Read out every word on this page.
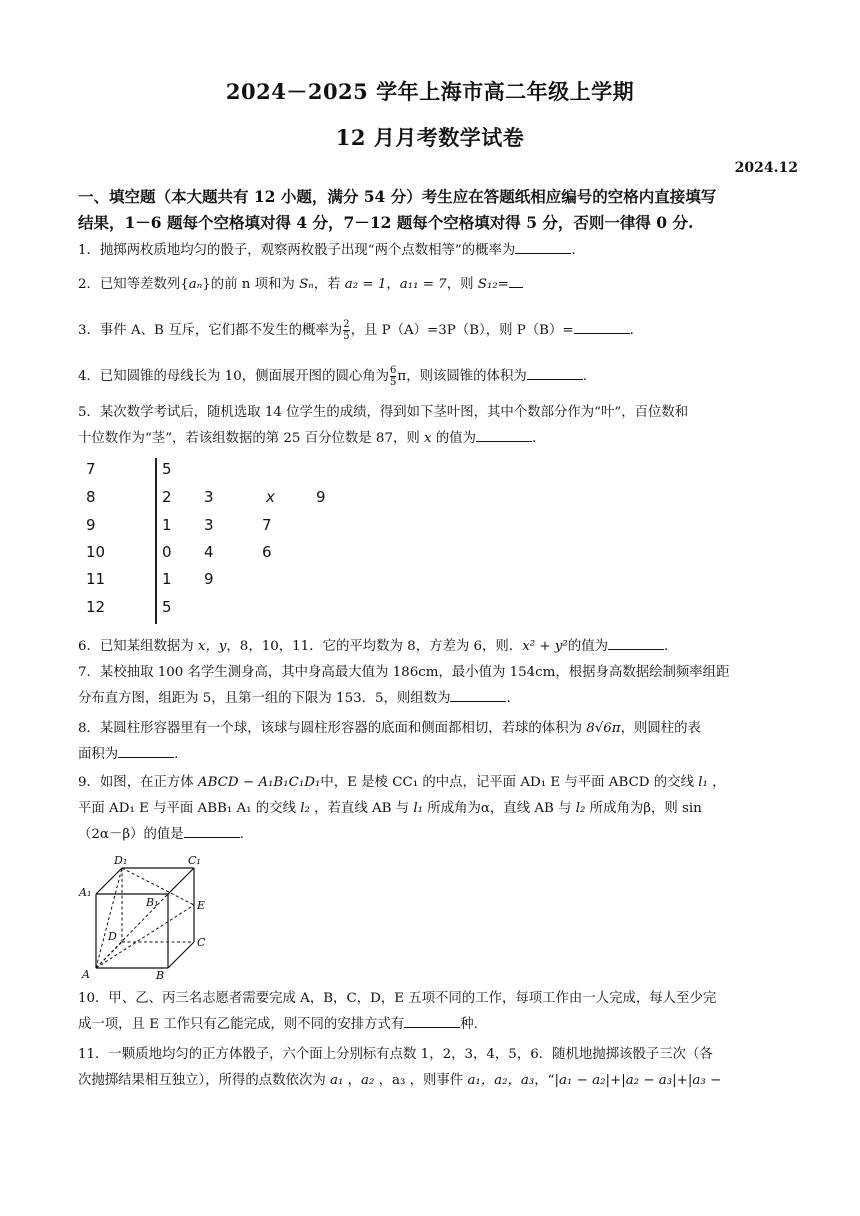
2024－2025 学年上海市高二年级上学期
12 月月考数学试卷
2024.12
一、填空题（本大题共有 12 小题，满分 54 分）考生应在答题纸相应编号的空格内直接填写
结果，1－6 题每个空格填对得 4 分，7－12 题每个空格填对得 5 分，否则一律得 0 分.
1．抛掷两枚质地均匀的骰子，观察两枚骰子出现“两个点数相等”的概率为	.
2．已知等差数列{aₙ}的前 n 项和为 Sₙ，若 a₂ = 1，a₁₁ = 7，则 S₁₂=
3．事件 A、B 互斥，它们都不发生的概率为 $\frac{2}{5}$ ，且 P（A）=3P（B），则 P（B）=	.
4．已知圆锥的母线长为 10，侧面展开图的圆心角为 $\frac{6}{5}$ π，则该圆锥的体积为	.
5．某次数学考试后，随机选取 14 位学生的成绩，得到如下茎叶图，其中个数部分作为“叶”，百位数和
十位数作为“茎”，若该组数据的第 25 百分位数是 87，则 x 的值为	.
7	5
8	2 3	x	9
9	1 3	7
10	0 4	6
11	1 9
12	5
6．已知某组数据为 x，y，8，10，11．它的平均数为 8，方差为 6，则．x² + y²的值为	.
7．某校抽取 100 名学生测身高，其中身高最大值为 186cm，最小值为 154cm，根据身高数据绘制频率组距
分布直方图，组距为 5，且第一组的下限为 153．5，则组数为	.
8．某圆柱形容器里有一个球，该球与圆柱形容器的底面和侧面都相切，若球的体积为 8√6π，则圆柱的表
面积为	.
9．如图，在正方体 ABCD − A₁B₁C₁D₁中，E 是棱 CC₁ 的中点，记平面 AD₁ E 与平面 ABCD 的交线 l₁ ，
平面 AD₁ E 与平面 ABB₁ A₁ 的交线 l₂ ，若直线 AB 与 l₁ 所成角为α，直线 AB 与 l₂ 所成角为β，则 sin
（2α－β）的值是	.
D₁	C₁
A₁
B₁	E
D	C
A	B
10．甲、乙、丙三名志愿者需要完成 A，B，C，D，E 五项不同的工作，每项工作由一人完成，每人至少完
成一项，且 E 工作只有乙能完成，则不同的安排方式有	种.
11．一颗质地均匀的正方体骰子，六个面上分别标有点数 1，2，3，4，5，6．随机地抛掷该骰子三次（各
次抛掷结果相互独立），所得的点数依次为 a₁ ，a₂ ，a₃ ，则事件 a₁，a₂，a₃，“|a₁ − a₂|+|a₂ − a₃|+|a₃ −
